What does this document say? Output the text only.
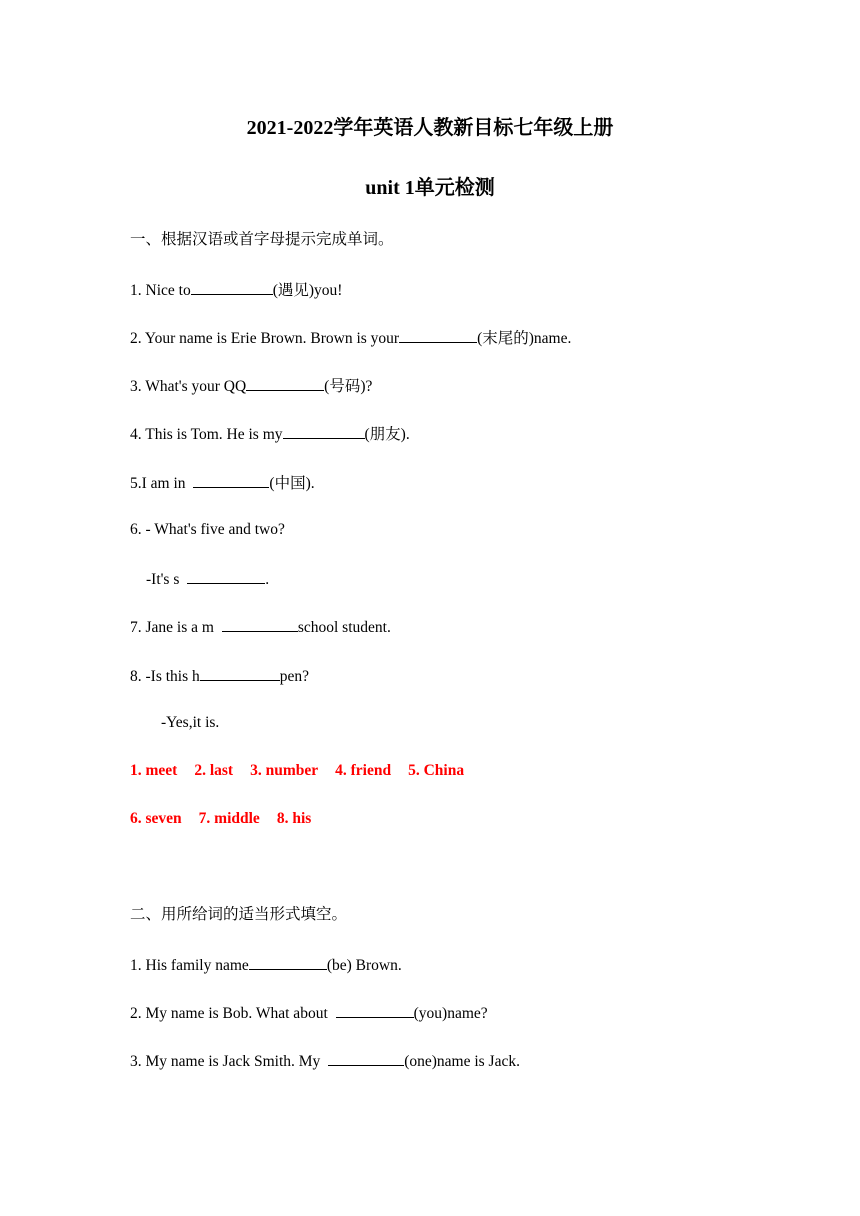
2021-2022学年英语人教新目标七年级上册
unit 1单元检测
一、根据汉语或首字母提示完成单词。
1. Nice to	(遇见)you!
2. Your name is Erie Brown. Brown is your	(末尾的)name.
3. What's your QQ	(号码)?
4. This is Tom. He is my	(朋友).
5.I am in	(中国).
6. - What's five and two?
-It's s	.
7. Jane is a m	school student.
8. -Is this h	pen?
-Yes,it is.
1. meet 2. last 3. number 4. friend 5. China
6. seven 7. middle 8. his
二、用所给词的适当形式填空。
1. His family name	(be) Brown.
2. My name is Bob. What about	(you)name?
3. My name is Jack Smith. My	(one)name is Jack.
